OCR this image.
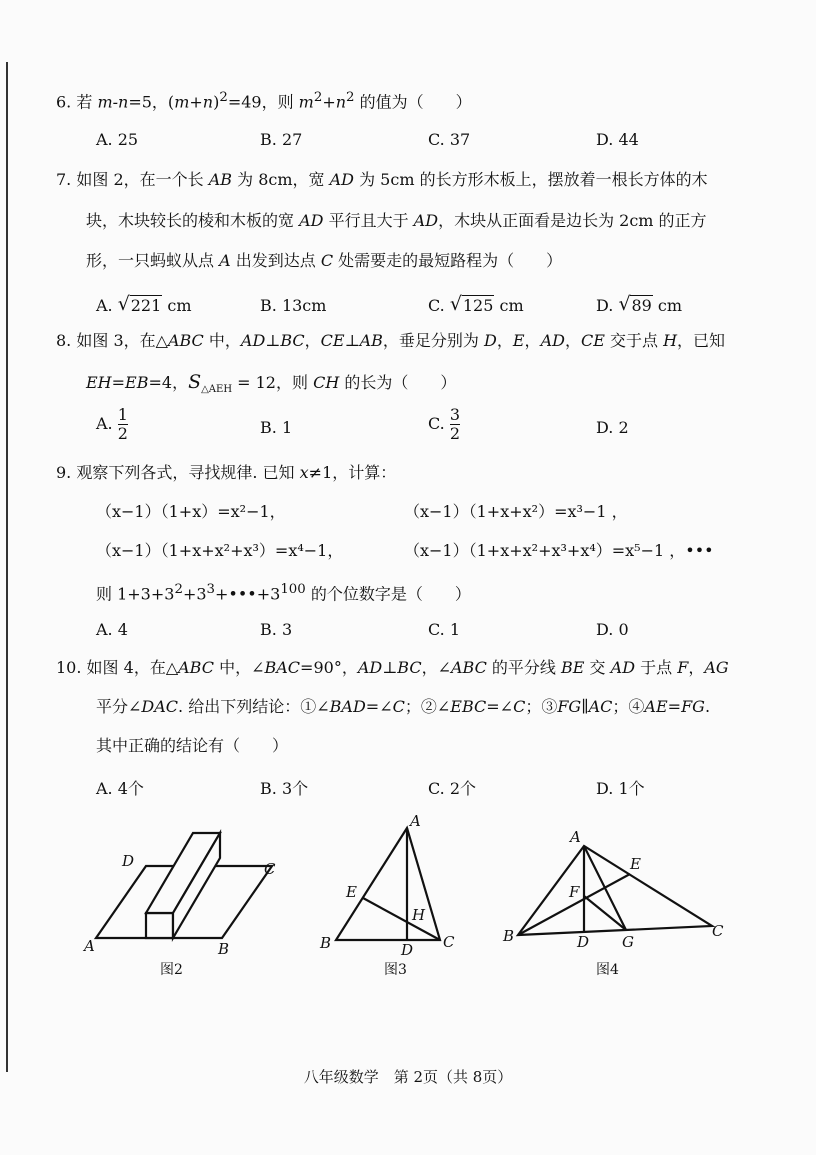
6. 若 m-n=5，$(m+n)^2=49$，则 $m^2+n^2$ 的值为（　　）
A. 25	B. 27	C. 37	D. 44
7. 如图 2，在一个长 AB 为 8cm，宽 AD 为 5cm 的长方形木板上，摆放着一根长方体的木
块，木块较长的棱和木板的宽 AD 平行且大于 AD，木块从正面看是边长为 2cm 的正方
形，一只蚂蚁从点 A 出发到达点 C 处需要走的最短路程为（　　）
A. √ 221 cm	B. 13cm	C. √ 125 cm	D. √ 89 cm
8. 如图 3，在△ABC 中，AD⊥BC，CE⊥AB，垂足分别为 D，E，AD，CE 交于点 H，已知
EH=EB=4，$S_{\triangle AEH} = 12$，则 CH 的长为（　　）
A. $\frac{1}{2}$	B. 1	C. $\frac{3}{2}$	D. 2
9. 观察下列各式，寻找规律. 已知 x≠1，计算：
（x−1）（1+x）=x²−1，	（x−1）（1+x+x²）=x³−1 ，
（x−1）（1+x+x²+x³）=x⁴−1，	（x−1）（1+x+x²+x³+x⁴）=x⁵−1 ，•••
则 $1+3+3^2+3^3+•••+3^{100}$ 的个位数字是（　　）
A. 4	B. 3	C. 1	D. 0
10. 如图 4，在△ABC 中，∠BAC=90°，AD⊥BC，∠ABC 的平分线 BE 交 AD 于点 F，AG
平分∠DAC. 给出下列结论：①∠BAD=∠C；②∠EBC=∠C；③FG∥AC；④AE=FG.
其中正确的结论有（　　）
A. 4个	B. 3个	C. 2个	D. 1个
A	B
C
D
图2
A
B	C
D
E
H
图3
A
B	C
D
E
F
G
图4
八年级数学　第 2页（共 8页）
